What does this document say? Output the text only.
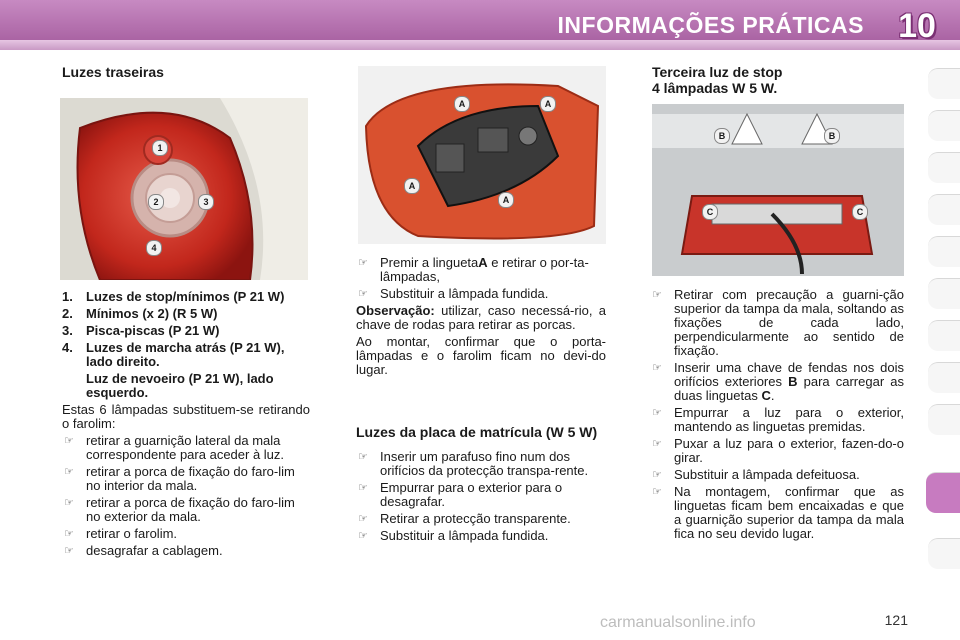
INFORMAÇÕES PRÁTICAS 10
Luzes traseiras
1
2	3
4
1. Luzes de stop/mínimos (P 21 W)
2. Mínimos (x 2) (R 5 W)
3. Pisca-piscas (P 21 W)
4. Luzes de marcha atrás (P 21 W), lado direito.
Luz de nevoeiro (P 21 W), lado esquerdo.

Estas 6 lâmpadas substituem-se retirando o farolim:

☞ retirar a guarnição lateral da mala correspondente para aceder à luz.
☞ retirar a porca de fixação do faro-lim no interior da mala.
☞ retirar a porca de fixação do faro-lim no exterior da mala.
☞ retirar o farolim.
☞ desagrafar a cablagem.
A	A
A
A
☞ Premir a linguetaA e retirar o por-ta-lâmpadas,
☞ Substituir a lâmpada fundida.

Observação: utilizar, caso necessá-rio, a chave de rodas para retirar as porcas.

Ao montar, confirmar que o porta-lâmpadas e o farolim ficam no devi-do lugar.

Luzes da placa de matrícula (W 5 W)
☞ Inserir um parafuso fino num dos orifícios da protecção transpa-rente.
☞ Empurrar para o exterior para o desagrafar.
☞ Retirar a protecção transparente.
☞ Substituir a lâmpada fundida.
Terceira luz de stop
4 lâmpadas W 5 W.
B	B
C	C
☞ Retirar com precaução a guarni-ção superior da tampa da mala, soltando as fixações de cada lado, perpendicularmente ao sentido de fixação.
☞ Inserir uma chave de fendas nos dois orifícios exteriores B para carregar as duas linguetas C.
☞ Empurrar a luz para o exterior, mantendo as linguetas premidas.
☞ Puxar a luz para o exterior, fazen-do-o girar.
☞ Substituir a lâmpada defeituosa.
☞ Na montagem, confirmar que as linguetas ficam bem encaixadas e que a guarnição superior da tampa da mala fica no seu devido lugar.
carmanualsonline.info	121
